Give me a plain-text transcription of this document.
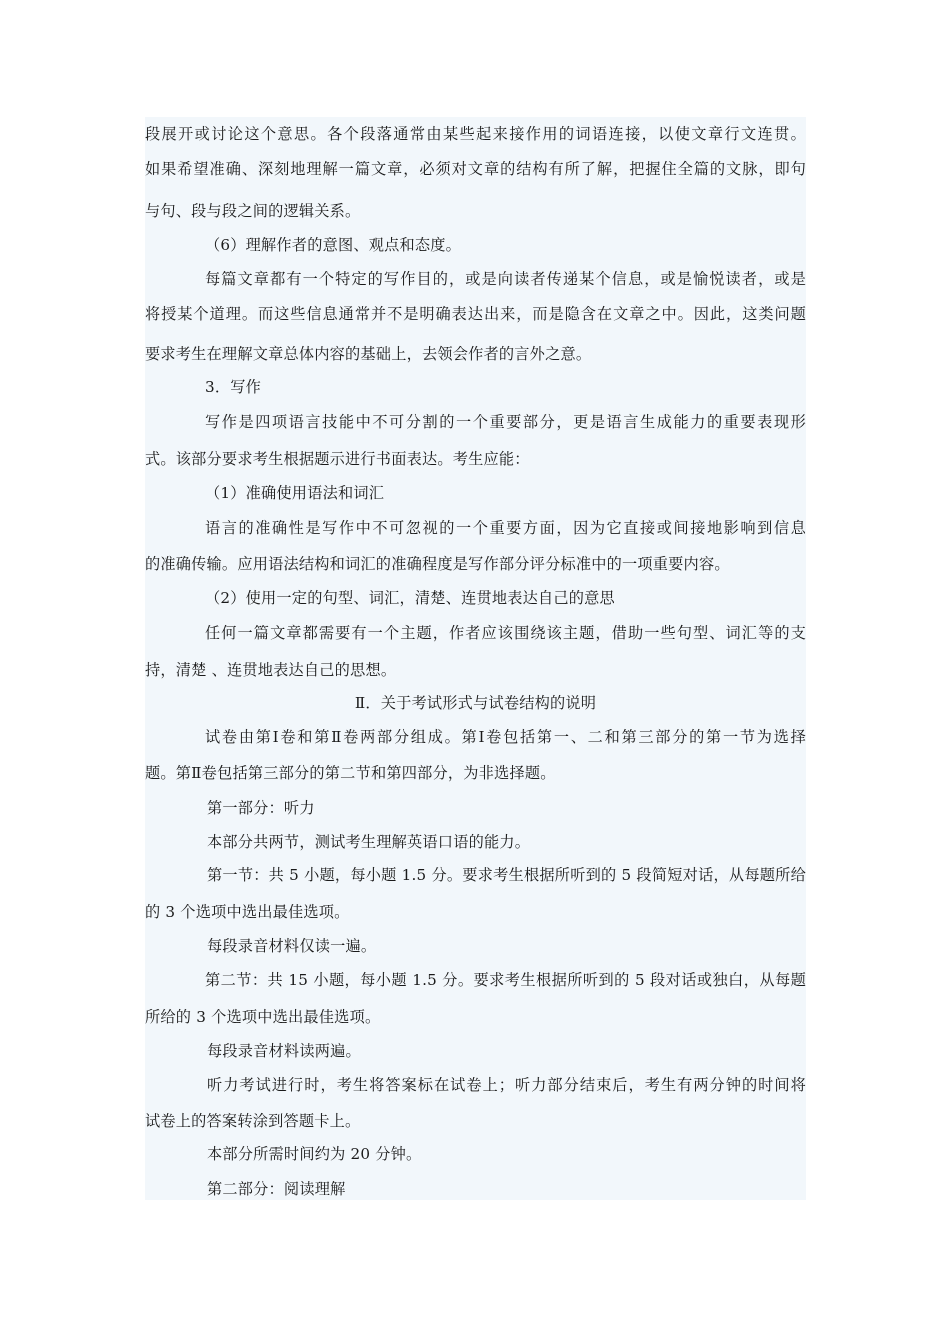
段展开或讨论这个意思。各个段落通常由某些起来接作用的词语连接，以使文章行文连贯。
如果希望准确、深刻地理解一篇文章，必须对文章的结构有所了解，把握住全篇的文脉，即句
与句、段与段之间的逻辑关系。
（6）理解作者的意图、观点和态度。
每篇文章都有一个特定的写作目的，或是向读者传递某个信息，或是愉悦读者，或是
将授某个道理。而这些信息通常并不是明确表达出来，而是隐含在文章之中。因此，这类问题
要求考生在理解文章总体内容的基础上，去领会作者的言外之意。
3．写作
写作是四项语言技能中不可分割的一个重要部分，更是语言生成能力的重要表现形
式。该部分要求考生根据题示进行书面表达。考生应能：
（1）准确使用语法和词汇
语言的准确性是写作中不可忽视的一个重要方面，因为它直接或间接地影响到信息
的准确传输。应用语法结构和词汇的准确程度是写作部分评分标准中的一项重要内容。
（2）使用一定的句型、词汇，清楚、连贯地表达自己的意思
任何一篇文章都需要有一个主题，作者应该围绕该主题，借助一些句型、词汇等的支
持，清楚 、连贯地表达自己的思想。
Ⅱ．关于考试形式与试卷结构的说明
试卷由第Ⅰ卷和第Ⅱ卷两部分组成。第Ⅰ卷包括第一、二和第三部分的第一节为选择
题。第Ⅱ卷包括第三部分的第二节和第四部分，为非选择题。
第一部分：听力
本部分共两节，测试考生理解英语口语的能力。
第一节：共 5 小题，每小题 1.5 分。要求考生根据所听到的 5 段简短对话，从每题所给
的 3 个选项中选出最佳选项。
每段录音材料仅读一遍。
第二节：共 15 小题，每小题 1.5 分。要求考生根据所听到的 5 段对话或独白，从每题
所给的 3 个选项中选出最佳选项。
每段录音材料读两遍。
听力考试进行时，考生将答案标在试卷上；听力部分结束后，考生有两分钟的时间将
试卷上的答案转涂到答题卡上。
本部分所需时间约为 20 分钟。
第二部分：阅读理解
